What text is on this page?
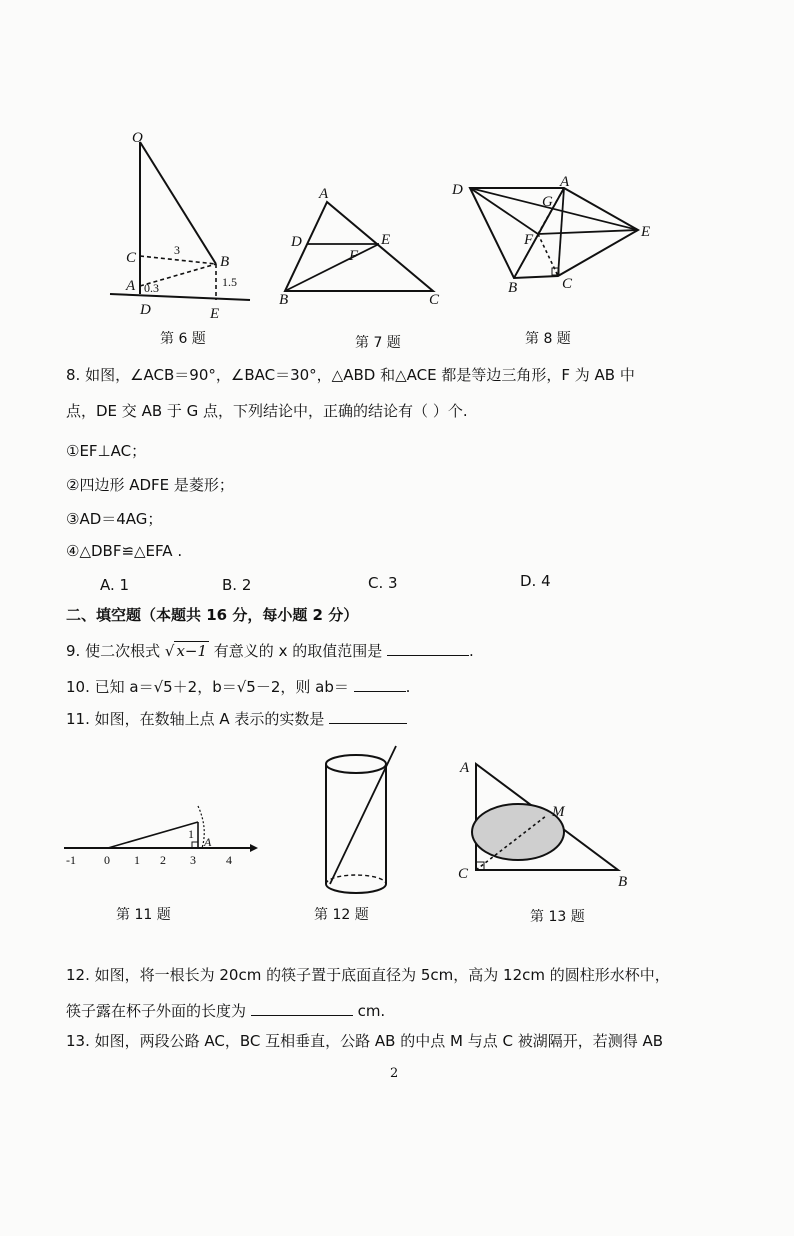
O
C	B
A
D	E
3
0.3	1.5
第 6 题
A
D	E
F
B	C
第 7 题
D	A
G
F	E
B	C
第 8 题
8. 如图，∠ACB＝90°，∠BAC＝30°，△ABD 和△ACE 都是等边三角形，F 为 AB 中
点，DE 交 AB 于 G 点，下列结论中，正确的结论有（ ）个.
①EF⊥AC；
②四边形 ADFE 是菱形；
③AD＝4AG；
④△DBF≌△EFA .
A. 1	B. 2	C. 3	D. 4
二、填空题（本题共 16 分，每小题 2 分）
9. 使二次根式 √ x−1 有意义的 x 的取值范围是	.
10. 已知 a＝√5＋2，b＝√5－2，则 ab＝	.
11. 如图，在数轴上点 A 表示的实数是
-1 0 1 2 3	4
1
A
第 11 题	第 12 题
A
M
C	B
第 13 题
12. 如图，将一根长为 20cm 的筷子置于底面直径为 5cm，高为 12cm 的圆柱形水杯中，
筷子露在杯子外面的长度为	cm.
13. 如图，两段公路 AC，BC 互相垂直，公路 AB 的中点 M 与点 C 被湖隔开，若测得 AB
2
